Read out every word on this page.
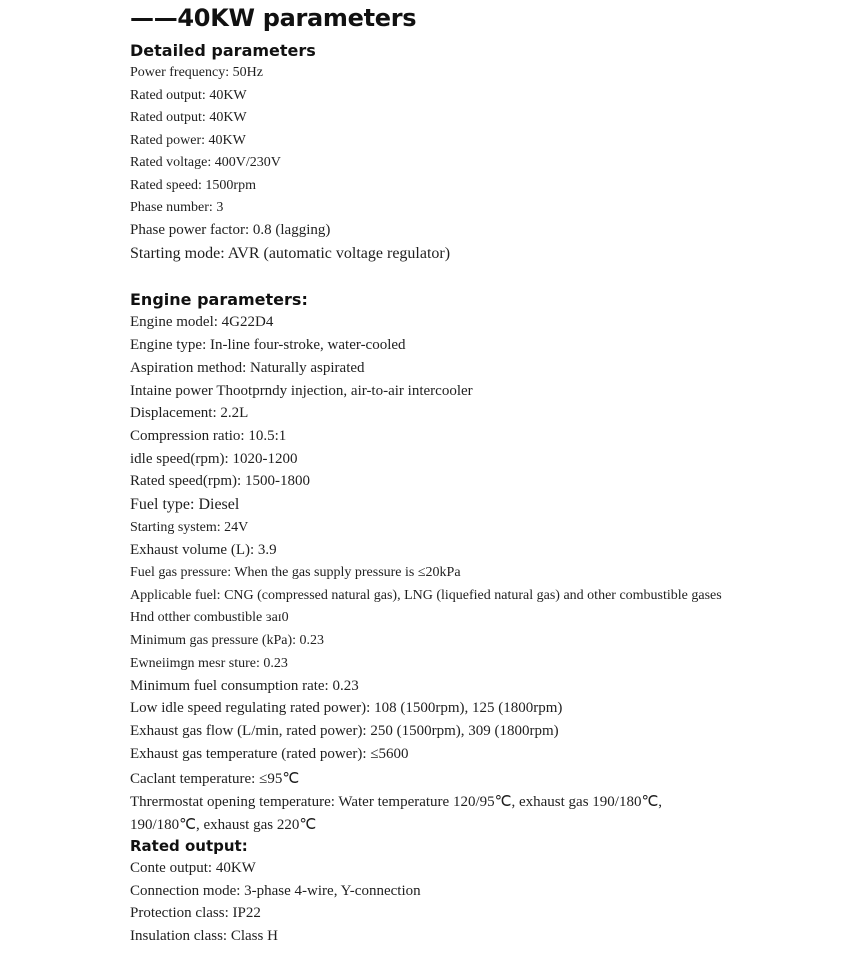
——40KW parameters
Detailed parameters
Power frequency: 50Hz
Rated output: 40KW
Rated output: 40KW
Rated power: 40KW
Rated voltage: 400V/230V
Rated speed: 1500rpm
Phase number: 3
Phase power factor: 0.8 (lagging)
Starting mode: AVR (automatic voltage regulator)
Engine parameters:
Engine model: 4G22D4
Engine type: In-line four-stroke, water-cooled
Aspiration method: Naturally aspirated
Intaine power Thootprndy injection, air-to-air intercooler
Displacement: 2.2L
Compression ratio: 10.5:1
idle speed(rpm): 1020-1200
Rated speed(rpm): 1500-1800
Fuel type: Diesel
Starting system: 24V
Exhaust volume (L): 3.9
Fuel gas pressure: When the gas supply pressure is ≤20kPa
Applicable fuel: CNG (compressed natural gas), LNG (liquefied natural gas) and other combustible gases
Hnd otther combustible ɜaɪ0
Minimum gas pressure (kPa): 0.23
Ewneiimgn mesr sture: 0.23
Minimum fuel consumption rate: 0.23
Low idle speed regulating rated power): 108 (1500rpm), 125 (1800rpm)
Exhaust gas flow (L/min, rated power): 250 (1500rpm), 309 (1800rpm)
Exhaust gas temperature (rated power): ≤5600
Caclant temperature: ≤95℃
Thrermostat opening temperature: Water temperature 120/95℃, exhaust gas 190/180℃,
190/180℃, exhaust gas 220℃
Rated output:
Conte output: 40KW
Connection mode: 3-phase 4-wire, Y-connection
Protection class: IP22
Insulation class: Class H
